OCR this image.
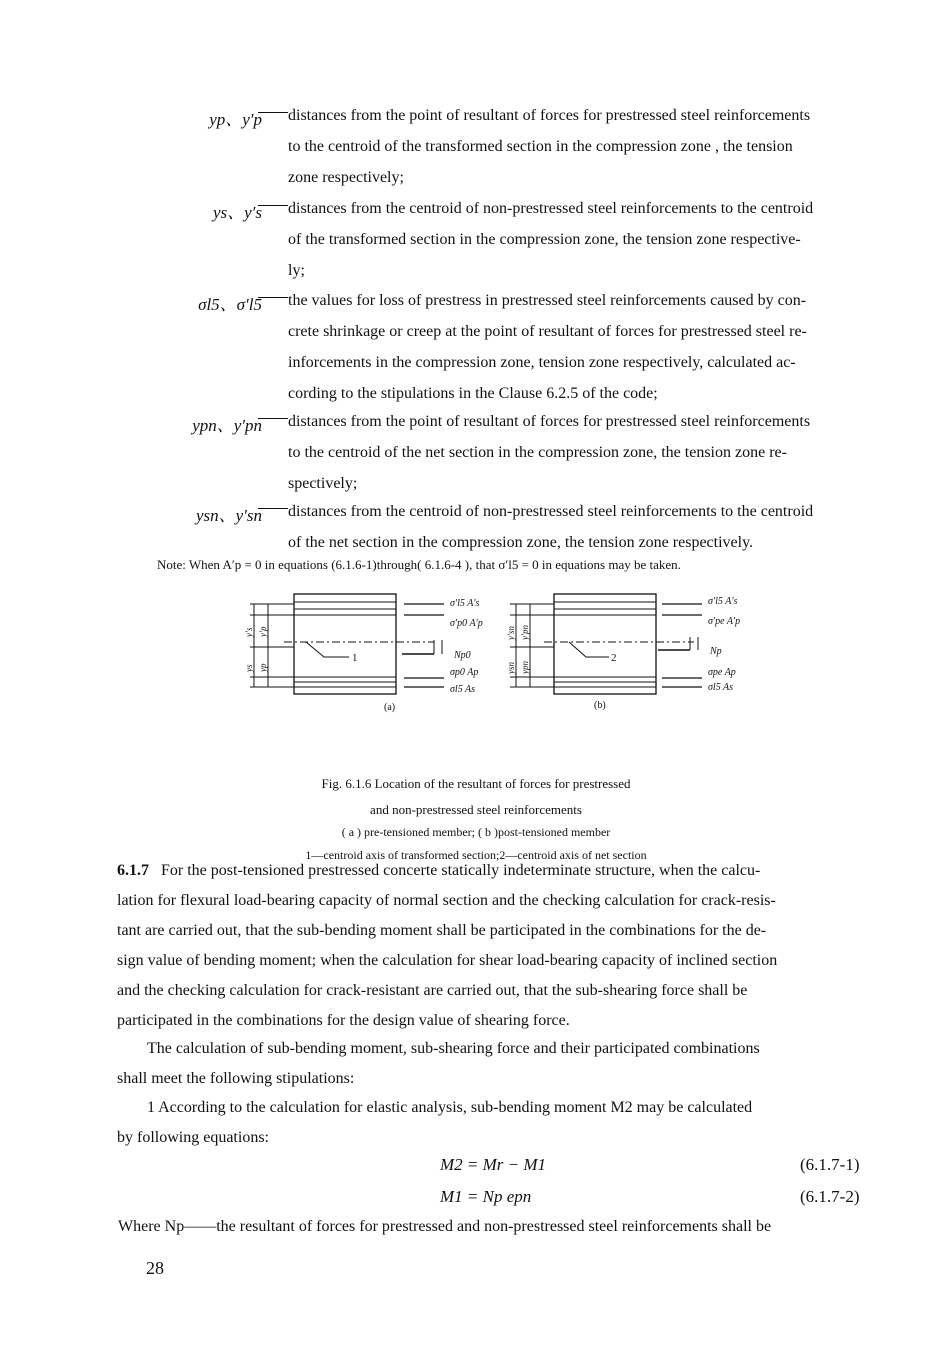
yp、y′p distances from the point of resultant of forces for prestressed steel reinforcements
to the centroid of the transformed section in the compression zone , the tension
zone respectively;
ys、y′s distances from the centroid of non-prestressed steel reinforcements to the centroid
of the transformed section in the compression zone, the tension zone respective-
ly;
σl5、σ′l5 the values for loss of prestress in prestressed steel reinforcements caused by con-
crete shrinkage or creep at the point of resultant of forces for prestressed steel re-
inforcements in the compression zone, tension zone respectively, calculated ac-
cording to the stipulations in the Clause 6.2.5 of the code;
ypn、y′pn distances from the point of resultant of forces for prestressed steel reinforcements
to the centroid of the net section in the compression zone, the tension zone re-
spectively;
ysn、y′sn distances from the centroid of non-prestressed steel reinforcements to the centroid
of the net section in the compression zone, the tension zone respectively.
Note: When A′p = 0 in equations (6.1.6-1)through( 6.1.6-4 ), that σ′l5 = 0 in equations may be taken.
y′s y′p
ys yp
1
σ′l5 A′s
σ′p0 A′p
Np0
σp0 Ap
σl5 As
(a)
y′sn y′pn
ysn ypn
2
σ′l5 A′s
σ′pe A′p
Np
σpe Ap
σl5 As
(b)
Fig. 6.1.6 Location of the resultant of forces for prestressed
and non-prestressed steel reinforcements
( a ) pre-tensioned member; ( b )post-tensioned member
1—centroid axis of transformed section;2—centroid axis of net section
6.1.7 For the post-tensioned prestressed concerte statically indeterminate structure, when the calcu-
lation for flexural load-bearing capacity of normal section and the checking calculation for crack-resis-
tant are carried out, that the sub-bending moment shall be participated in the combinations for the de-
sign value of bending moment; when the calculation for shear load-bearing capacity of inclined section
and the checking calculation for crack-resistant are carried out, that the sub-shearing force shall be
participated in the combinations for the design value of shearing force.
The calculation of sub-bending moment, sub-shearing force and their participated combinations
shall meet the following stipulations:
1 According to the calculation for elastic analysis, sub-bending moment M2 may be calculated
by following equations:
M2 = Mr − M1	(6.1.7-1)
M1 = Np epn	(6.1.7-2)
Where Np——the resultant of forces for prestressed and non-prestressed steel reinforcements shall be
28
